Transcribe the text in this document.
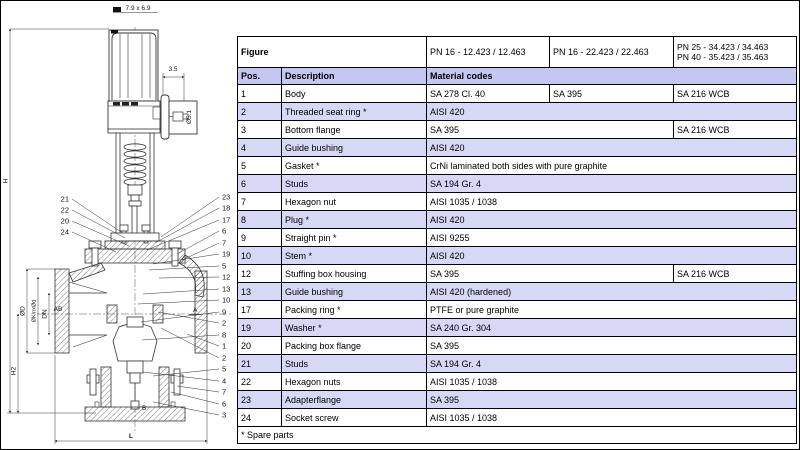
7.9 x 6.9
3.5
Ø5.1
H
H2
ØD ØK/nxØd DN AB	A
B
L
21
22
20
24
23
18
17
6
7
19
5
12
13
10
9
2
8
1
2
5
4
7
6
3
Figure		PN 16 - 12.423 / 12.463	PN 16 - 22.423 / 22.463	PN 25 - 34.423 / 34.463
PN 40 - 35.423 / 35.463

Pos.	Description	Material codes		
1	Body	SA 278 Cl. 40	SA 395	SA 216 WCB
2	Threaded seat ring *	AISI 420		
3	Bottom flange	SA 395		SA 216 WCB
4	Guide bushing	AISI 420		
5	Gasket *	CrNi laminated both sides with pure graphite		
6	Studs	SA 194 Gr. 4		
7	Hexagon nut	AISI 1035 / 1038		
8	Plug *	AISI 420		
9	Straight pin *	AISI 9255		
10	Stem *	AISI 420		
12	Stuffing box housing	SA 395		SA 216 WCB
13	Guide bushing	AISI 420 (hardened)		
17	Packing ring *	PTFE or pure graphite		
19	Washer *	SA 240 Gr. 304		
20	Packing box flange	SA 395		
21	Studs	SA 194 Gr. 4		
22	Hexagon nuts	AISI 1035 / 1038		
23	Adapterflange	SA 395		
24	Socket screw	AISI 1035 / 1038		
* Spare parts				
